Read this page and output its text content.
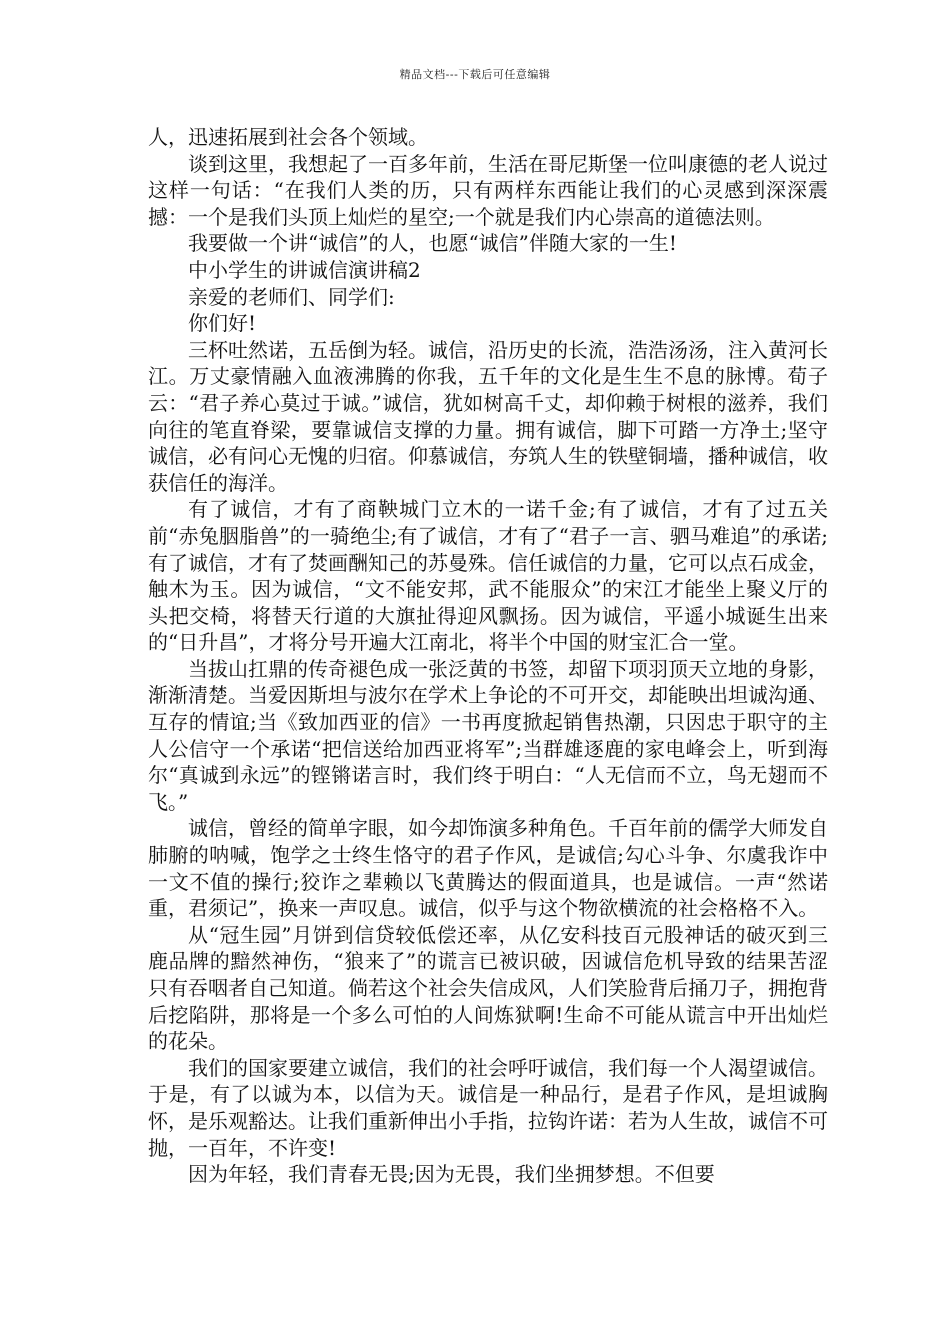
精品文档---下载后可任意编辑

人，迅速拓展到社会各个领域。

谈到这里，我想起了一百多年前，生活在哥尼斯堡一位叫康德的老人说过这样一句话：“在我们人类的历，只有两样东西能让我们的心灵感到深深震撼：一个是我们头顶上灿烂的星空;一个就是我们内心崇高的道德法则。

我要做一个讲“诚信”的人，也愿“诚信”伴随大家的一生!

中小学生的讲诚信演讲稿2

亲爱的老师们、同学们:

你们好!

三杯吐然诺，五岳倒为轻。诚信，沿历史的长流，浩浩汤汤，注入黄河长江。万丈豪情融入血液沸腾的你我，五千年的文化是生生不息的脉博。荀子云：“君子养心莫过于诚。”诚信，犹如树高千丈，却仰赖于树根的滋养，我们向往的笔直脊梁，要靠诚信支撑的力量。拥有诚信，脚下可踏一方净土;坚守诚信，必有问心无愧的归宿。仰慕诚信，夯筑人生的铁壁铜墙，播种诚信，收获信任的海洋。

有了诚信，才有了商鞅城门立木的一诺千金;有了诚信，才有了过五关前“赤兔胭脂兽”的一骑绝尘;有了诚信，才有了“君子一言、驷马难追”的承诺;有了诚信，才有了焚画酬知己的苏曼殊。信任诚信的力量，它可以点石成金，触木为玉。因为诚信，“文不能安邦，武不能服众”的宋江才能坐上聚义厅的头把交椅，将替天行道的大旗扯得迎风飘扬。因为诚信，平遥小城诞生出来的“日升昌”，才将分号开遍大江南北，将半个中国的财宝汇合一堂。

当拔山扛鼎的传奇褪色成一张泛黄的书签，却留下项羽顶天立地的身影，渐渐清楚。当爱因斯坦与波尔在学术上争论的不可开交，却能映出坦诚沟通、互存的情谊;当《致加西亚的信》一书再度掀起销售热潮，只因忠于职守的主人公信守一个承诺“把信送给加西亚将军”;当群雄逐鹿的家电峰会上，听到海尔“真诚到永远”的铿锵诺言时，我们终于明白：“人无信而不立，鸟无翅而不飞。”

诚信，曾经的简单字眼，如今却饰演多种角色。千百年前的儒学大师发自肺腑的呐喊，饱学之士终生恪守的君子作风，是诚信;勾心斗争、尔虞我诈中一文不值的操行;狡诈之辈赖以飞黄腾达的假面道具，也是诚信。一声“然诺重，君须记”，换来一声叹息。诚信，似乎与这个物欲横流的社会格格不入。

从“冠生园”月饼到信贷较低偿还率，从亿安科技百元股神话的破灭到三鹿品牌的黯然神伤，“狼来了”的谎言已被识破，因诚信危机导致的结果苦涩只有吞咽者自己知道。倘若这个社会失信成风，人们笑脸背后捅刀子，拥抱背后挖陷阱，那将是一个多么可怕的人间炼狱啊!生命不可能从谎言中开出灿烂的花朵。

我们的国家要建立诚信，我们的社会呼吁诚信，我们每一个人渴望诚信。于是，有了以诚为本，以信为天。诚信是一种品行，是君子作风，是坦诚胸怀，是乐观豁达。让我们重新伸出小手指，拉钩许诺：若为人生故，诚信不可抛，一百年，不许变!

因为年轻，我们青春无畏;因为无畏，我们坐拥梦想。不但要
